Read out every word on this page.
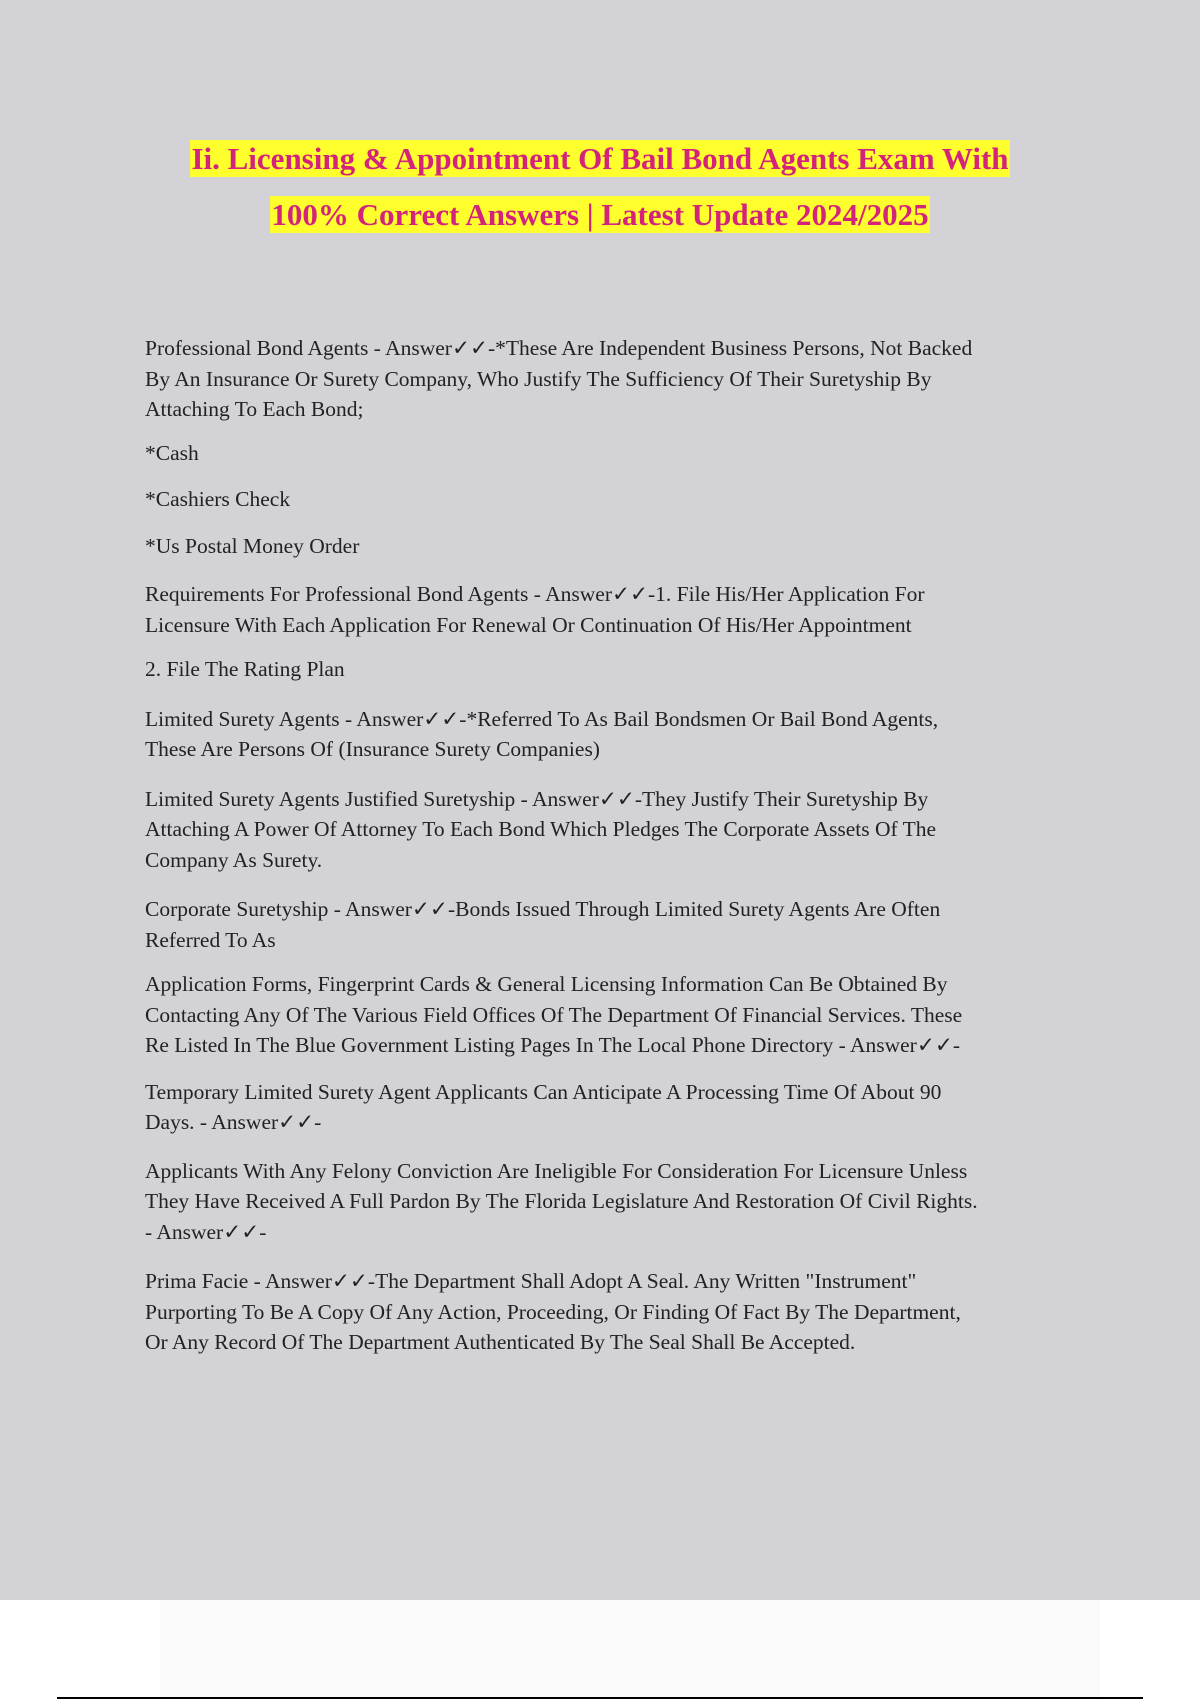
Ii. Licensing & Appointment Of Bail Bond Agents Exam With
100% Correct Answers | Latest Update 2024/2025

Professional Bond Agents - Answer✓✓-*These Are Independent Business Persons, Not Backed
By An Insurance Or Surety Company, Who Justify The Sufficiency Of Their Suretyship By
Attaching To Each Bond;

*Cash

*Cashiers Check

*Us Postal Money Order

Requirements For Professional Bond Agents - Answer✓✓-1. File His/Her Application For
Licensure With Each Application For Renewal Or Continuation Of His/Her Appointment

2. File The Rating Plan

Limited Surety Agents - Answer✓✓-*Referred To As Bail Bondsmen Or Bail Bond Agents,
These Are Persons Of (Insurance Surety Companies)

Limited Surety Agents Justified Suretyship - Answer✓✓-They Justify Their Suretyship By
Attaching A Power Of Attorney To Each Bond Which Pledges The Corporate Assets Of The
Company As Surety.

Corporate Suretyship - Answer✓✓-Bonds Issued Through Limited Surety Agents Are Often
Referred To As

Application Forms, Fingerprint Cards & General Licensing Information Can Be Obtained By
Contacting Any Of The Various Field Offices Of The Department Of Financial Services. These
Re Listed In The Blue Government Listing Pages In The Local Phone Directory - Answer✓✓-

Temporary Limited Surety Agent Applicants Can Anticipate A Processing Time Of About 90
Days. - Answer✓✓-

Applicants With Any Felony Conviction Are Ineligible For Consideration For Licensure Unless
They Have Received A Full Pardon By The Florida Legislature And Restoration Of Civil Rights.
- Answer✓✓-

Prima Facie - Answer✓✓-The Department Shall Adopt A Seal. Any Written "Instrument"
Purporting To Be A Copy Of Any Action, Proceeding, Or Finding Of Fact By The Department,
Or Any Record Of The Department Authenticated By The Seal Shall Be Accepted.
